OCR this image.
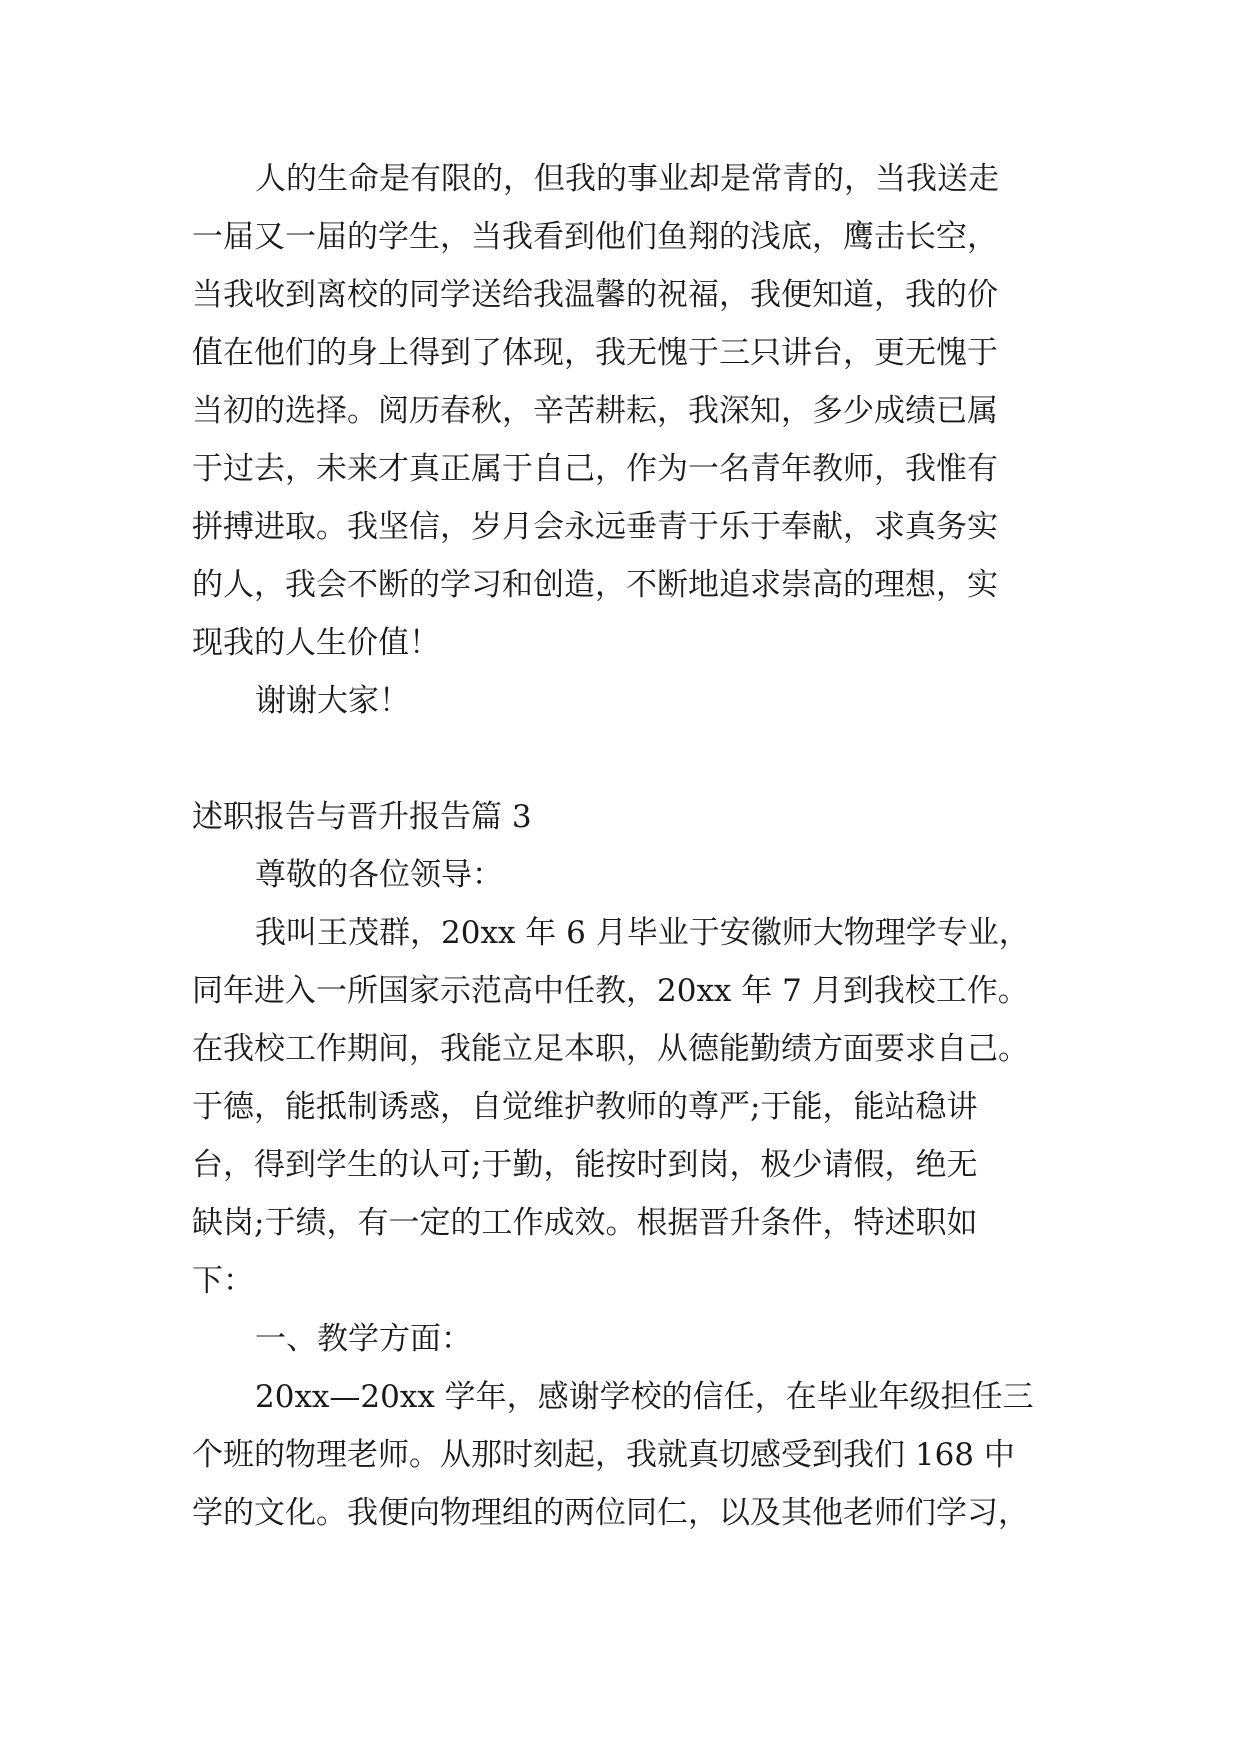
人的生命是有限的，但我的事业却是常青的，当我送走
一届又一届的学生，当我看到他们鱼翔的浅底，鹰击长空，
当我收到离校的同学送给我温馨的祝福，我便知道，我的价
值在他们的身上得到了体现，我无愧于三只讲台，更无愧于
当初的选择。阅历春秋，辛苦耕耘，我深知，多少成绩已属
于过去，未来才真正属于自己，作为一名青年教师，我惟有
拼搏进取。我坚信，岁月会永远垂青于乐于奉献，求真务实
的人，我会不断的学习和创造，不断地追求崇高的理想，实
现我的人生价值！
谢谢大家！
述职报告与晋升报告篇 3
尊敬的各位领导：
我叫王茂群，20xx 年 6 月毕业于安徽师大物理学专业，
同年进入一所国家示范高中任教，20xx 年 7 月到我校工作。
在我校工作期间，我能立足本职，从德能勤绩方面要求自己。
于德，能抵制诱惑，自觉维护教师的尊严;于能，能站稳讲
台，得到学生的认可;于勤，能按时到岗，极少请假，绝无
缺岗;于绩，有一定的工作成效。根据晋升条件，特述职如
下：
一、教学方面：
20xx—20xx 学年，感谢学校的信任，在毕业年级担任三
个班的物理老师。从那时刻起，我就真切感受到我们 168 中
学的文化。我便向物理组的两位同仁，以及其他老师们学习，
